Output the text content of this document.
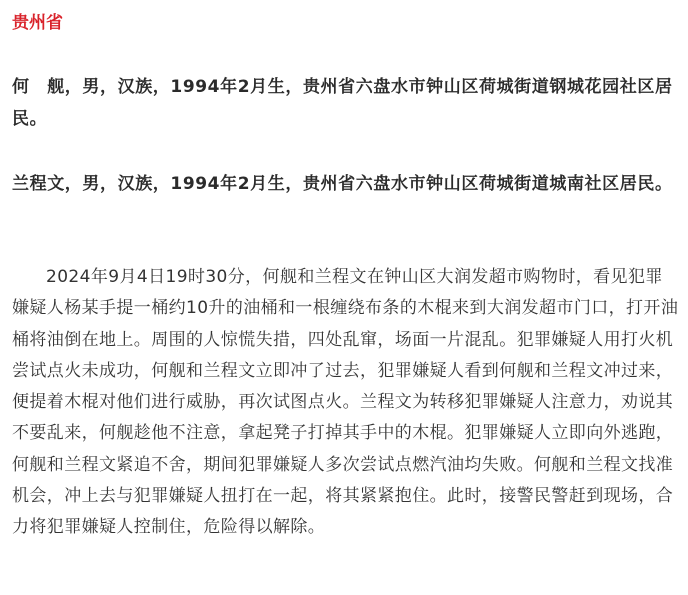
贵州省

何　舰，男，汉族，1994年2月生，贵州省六盘水市钟山区荷城街道钢城花园社区居民。

兰程文，男，汉族，1994年2月生，贵州省六盘水市钟山区荷城街道城南社区居民。

2024年9月4日19时30分，何舰和兰程文在钟山区大润发超市购物时，看见犯罪嫌疑人杨某手提一桶约10升的油桶和一根缠绕布条的木棍来到大润发超市门口，打开油桶将油倒在地上。周围的人惊慌失措，四处乱窜，场面一片混乱。犯罪嫌疑人用打火机尝试点火未成功，何舰和兰程文立即冲了过去，犯罪嫌疑人看到何舰和兰程文冲过来，便提着木棍对他们进行威胁，再次试图点火。兰程文为转移犯罪嫌疑人注意力，劝说其不要乱来，何舰趁他不注意，拿起凳子打掉其手中的木棍。犯罪嫌疑人立即向外逃跑，何舰和兰程文紧追不舍，期间犯罪嫌疑人多次尝试点燃汽油均失败。何舰和兰程文找准机会，冲上去与犯罪嫌疑人扭打在一起，将其紧紧抱住。此时，接警民警赶到现场，合力将犯罪嫌疑人控制住，危险得以解除。
